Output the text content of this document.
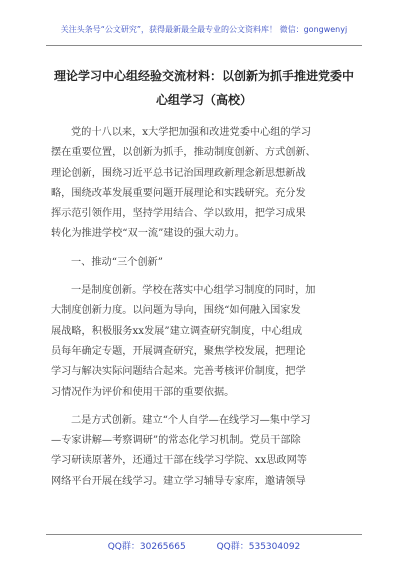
关注头条号“公文研究”，获得最新最全最专业的公文资料库！ 微信：gongwenyj
理论学习中心组经验交流材料：以创新为抓手推进党委中
心组学习（高校）

党的十八以来，x大学把加强和改进党委中心组的学习

摆在重要位置，以创新为抓手，推动制度创新、方式创新、

理论创新，围绕习近平总书记治国理政新理念新思想新战

略，围绕改革发展重要问题开展理论和实践研究。充分发

挥示范引领作用，坚持学用结合、学以致用，把学习成果

转化为推进学校“双一流”建设的强大动力。

一、推动“三个创新”

一是制度创新。学校在落实中心组学习制度的同时，加

大制度创新力度。以问题为导向，围绕“如何融入国家发

展战略，积极服务xx发展”建立调查研究制度，中心组成

员每年确定专题，开展调查研究，聚焦学校发展，把理论

学习与解决实际问题结合起来。完善考核评价制度，把学

习情况作为评价和使用干部的重要依据。

二是方式创新。建立“个人自学—在线学习—集中学习

—专家讲解—考察调研”的常态化学习机制。党员干部除

学习研读原著外，还通过干部在线学习学院、xx思政网等

网络平台开展在线学习。建立学习辅导专家库，邀请领导

QQ群：30265665	QQ群：535304092
